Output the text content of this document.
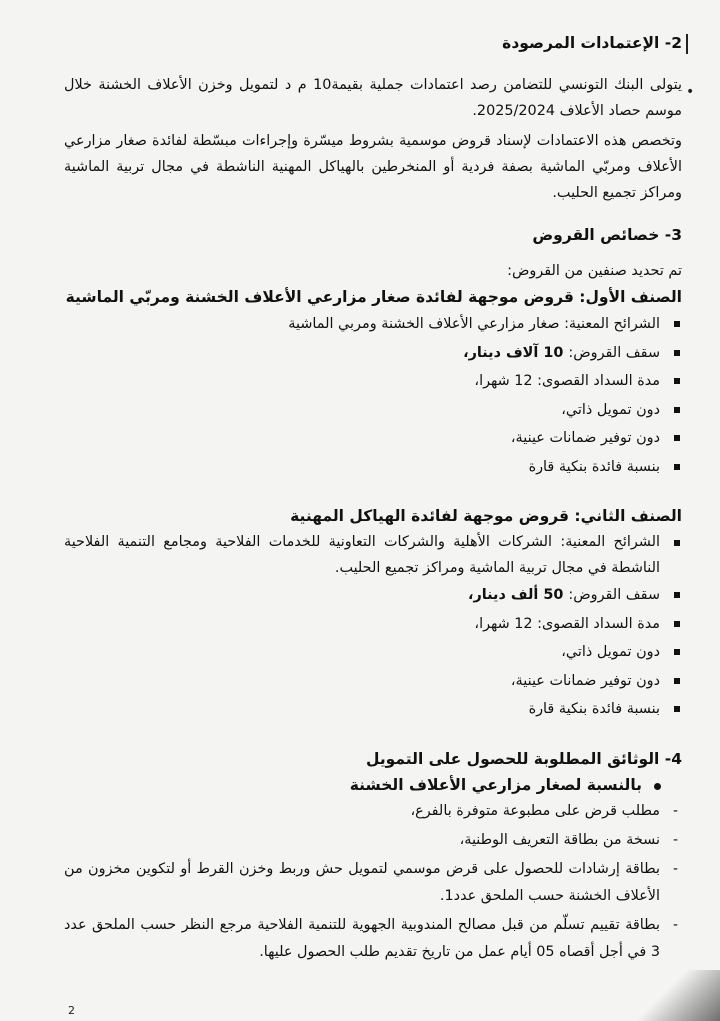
•
2- الإعتمادات المرصودة
يتولى البنك التونسي للتضامن رصد اعتمادات جملية بقيمة10 م د لتمويل وخزن الأعلاف الخشنة خلال موسم حصاد الأعلاف 2025/2024.
وتخصص هذه الاعتمادات لإسناد قروض موسمية بشروط ميسّرة وإجراءات مبسّطة لفائدة صغار مزارعي الأعلاف ومربّي الماشية بصفة فردية أو المنخرطين بالهياكل المهنية الناشطة في مجال تربية الماشية ومراكز تجميع الحليب.
3- خصائص القروض
تم تحديد صنفين من القروض:
الصنف الأول: قروض موجهة لفائدة صغار مزارعي الأعلاف الخشنة ومربّي الماشية
الشرائح المعنية: صغار مزارعي الأعلاف الخشنة ومربي الماشية
سقف القروض: 10 آلاف دينار،
مدة السداد القصوى: 12 شهرا،
دون تمويل ذاتي،
دون توفير ضمانات عينية،
بنسبة فائدة بنكية قارة
الصنف الثاني: قروض موجهة لفائدة الهياكل المهنية
الشرائح المعنية: الشركات الأهلية والشركات التعاونية للخدمات الفلاحية ومجامع التنمية الفلاحية الناشطة في مجال تربية الماشية ومراكز تجميع الحليب.
سقف القروض: 50 ألف دينار،
مدة السداد القصوى: 12 شهرا،
دون تمويل ذاتي،
دون توفير ضمانات عينية،
بنسبة فائدة بنكية قارة
4- الوثائق المطلوبة للحصول على التمويل
بالنسبة لصغار مزارعي الأعلاف الخشنة
- مطلب قرض على مطبوعة متوفرة بالفرع،
- نسخة من بطاقة التعريف الوطنية،
- بطاقة إرشادات للحصول على قرض موسمي لتمويل حش وربط وخزن القرط أو لتكوين مخزون من الأعلاف الخشنة حسب الملحق عدد1.
- بطاقة تقييم تسلّم من قبل مصالح المندوبية الجهوية للتنمية الفلاحية مرجع النظر حسب الملحق عدد 3 في أجل أقصاه 05 أيام عمل من تاريخ تقديم طلب الحصول عليها.
2
